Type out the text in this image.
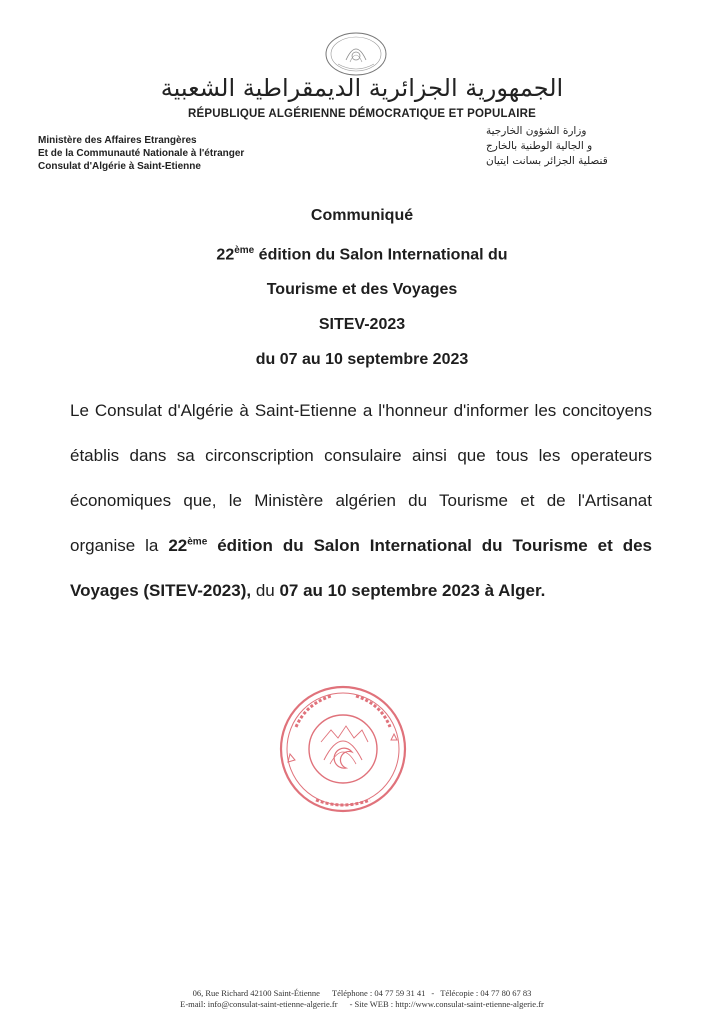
الجمهورية الجزائرية الديمقراطية الشعبية
RÉPUBLIQUE ALGÉRIENNE DÉMOCRATIQUE ET POPULAIRE
Ministère des Affaires Etrangères
Et de la Communauté Nationale à l'étranger
Consulat d'Algérie à Saint-Etienne
وزارة الشؤون الخارجية
و الجالية الوطنية بالخارج
قنصلية الجزائر بسانت ايتيان
Communiqué
22ème édition du Salon International du
Tourisme et des Voyages
SITEV-2023
du 07 au 10 septembre 2023
Le Consulat d'Algérie à Saint-Etienne a l'honneur d'informer les concitoyens établis dans sa circonscription consulaire ainsi que tous les operateurs économiques que, le Ministère algérien du Tourisme et de l'Artisanat organise la 22ème édition du Salon International du Tourisme et des Voyages (SITEV-2023), du 07 au 10 septembre 2023 à Alger.
06, Rue Richard 42100 Saint-Étienne Téléphone : 04 77 59 31 41 - Télécopie : 04 77 80 67 83
E-mail: info@consulat-saint-etienne-algerie.fr - Site WEB : http://www.consulat-saint-etienne-algerie.fr
